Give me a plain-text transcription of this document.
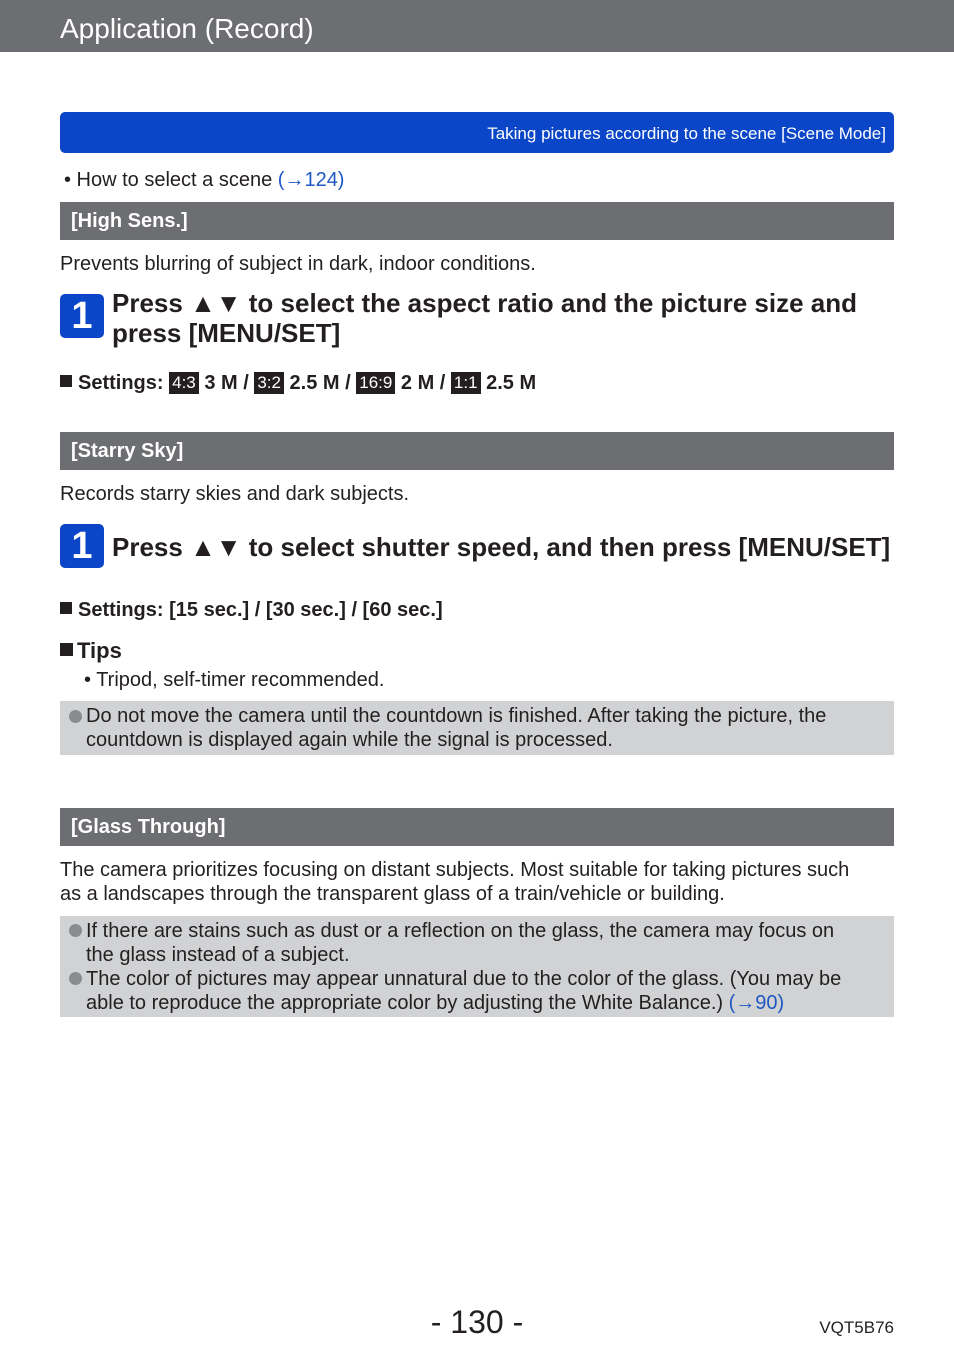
Application (Record)
Taking pictures according to the scene [Scene Mode]
• How to select a scene (→124)
[High Sens.]
Prevents blurring of subject in dark, indoor conditions.
1 Press ▲▼ to select the aspect ratio and the picture size and
press [MENU/SET]
Settings: 4:3 3 M / 3:2 2.5 M / 16:9 2 M / 1:1 2.5 M
[Starry Sky]
Records starry skies and dark subjects.
1 Press ▲▼ to select shutter speed, and then press [MENU/SET]
Settings: [15 sec.] / [30 sec.] / [60 sec.]
Tips
• Tripod, self-timer recommended.
Do not move the camera until the countdown is finished. After taking the picture, the
countdown is displayed again while the signal is processed.
[Glass Through]
The camera prioritizes focusing on distant subjects. Most suitable for taking pictures such
as a landscapes through the transparent glass of a train/vehicle or building.
If there are stains such as dust or a reflection on the glass, the camera may focus on
the glass instead of a subject.
The color of pictures may appear unnatural due to the color of the glass. (You may be
able to reproduce the appropriate color by adjusting the White Balance.) (→90)
- 130 -	VQT5B76
